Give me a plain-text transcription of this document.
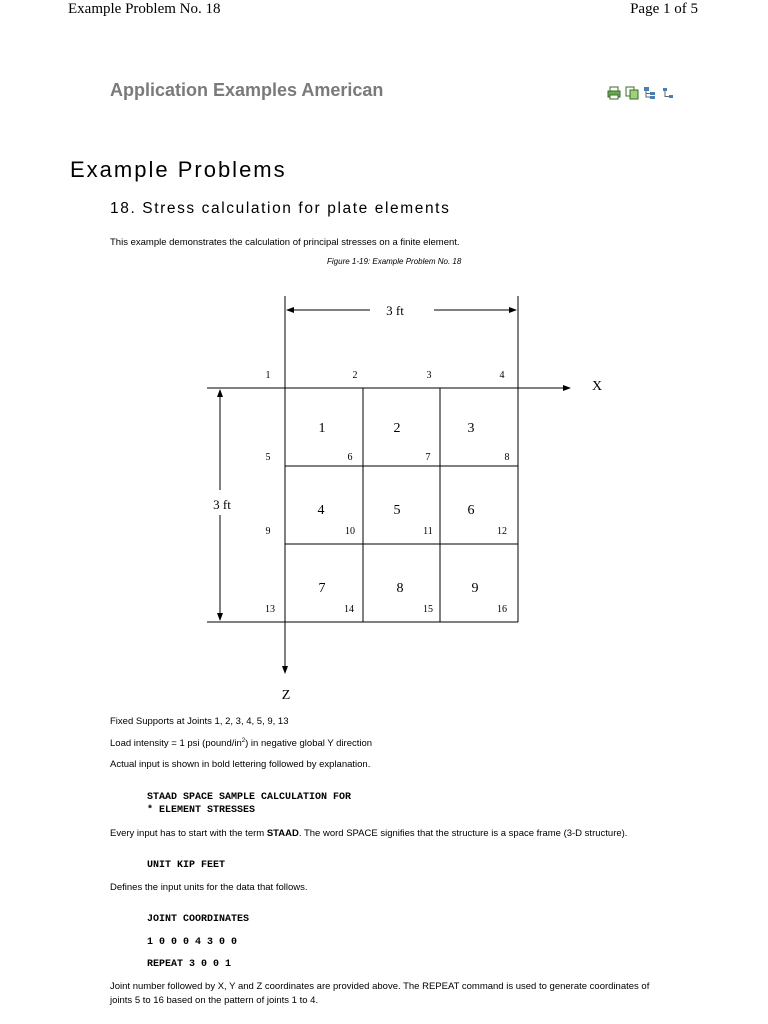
Example Problem No. 18	Page 1 of 5
Application Examples American
Example Problems
18. Stress calculation for plate elements
This example demonstrates the calculation of principal stresses on a finite element.
Figure 1-19: Example Problem No. 18
3 ft
3 ft
X
Z
1	2	3	4
5	6	7	8
9	10	11	12
13	14	15	16
1	2	3
4	5	6
7	8	9
Fixed Supports at Joints 1, 2, 3, 4, 5, 9, 13
Load intensity = 1 psi $(pound/in^2)$ in negative global Y direction
Actual input is shown in bold lettering followed by explanation.
STAAD SPACE SAMPLE CALCULATION FOR
* ELEMENT STRESSES
Every input has to start with the term STAAD. The word SPACE signifies that the structure is a space frame (3-D structure).
UNIT KIP FEET
Defines the input units for the data that follows.
JOINT COORDINATES
1 0 0 0 4 3 0 0
REPEAT 3 0 0 1
Joint number followed by X, Y and Z coordinates are provided above. The REPEAT command is used to generate coordinates of
joints 5 to 16 based on the pattern of joints 1 to 4.
